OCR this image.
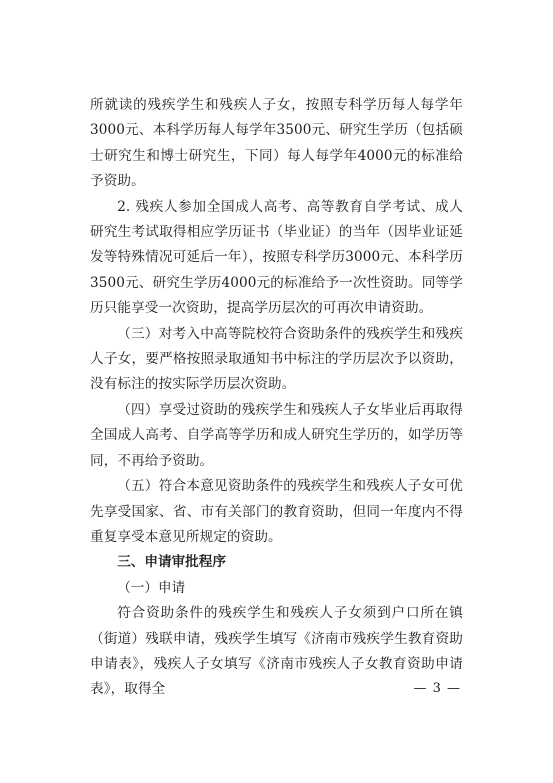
所就读的残疾学生和残疾人子女，按照专科学历每人每学年3000元、本科学历每人每学年3500元、研究生学历（包括硕士研究生和博士研究生，下同）每人每学年4000元的标准给予资助。

2. 残疾人参加全国成人高考、高等教育自学考试、成人研究生考试取得相应学历证书（毕业证）的当年（因毕业证延发等特殊情况可延后一年），按照专科学历3000元、本科学历3500元、研究生学历4000元的标准给予一次性资助。同等学历只能享受一次资助，提高学历层次的可再次申请资助。

（三）对考入中高等院校符合资助条件的残疾学生和残疾人子女，要严格按照录取通知书中标注的学历层次予以资助，没有标注的按实际学历层次资助。

（四）享受过资助的残疾学生和残疾人子女毕业后再取得全国成人高考、自学高等学历和成人研究生学历的，如学历等同，不再给予资助。

（五）符合本意见资助条件的残疾学生和残疾人子女可优先享受国家、省、市有关部门的教育资助，但同一年度内不得重复享受本意见所规定的资助。

三、申请审批程序

（一）申请

符合资助条件的残疾学生和残疾人子女须到户口所在镇（街道）残联申请，残疾学生填写《济南市残疾学生教育资助申请表》，残疾人子女填写《济南市残疾人子女教育资助申请表》，取得全	— 3 —
